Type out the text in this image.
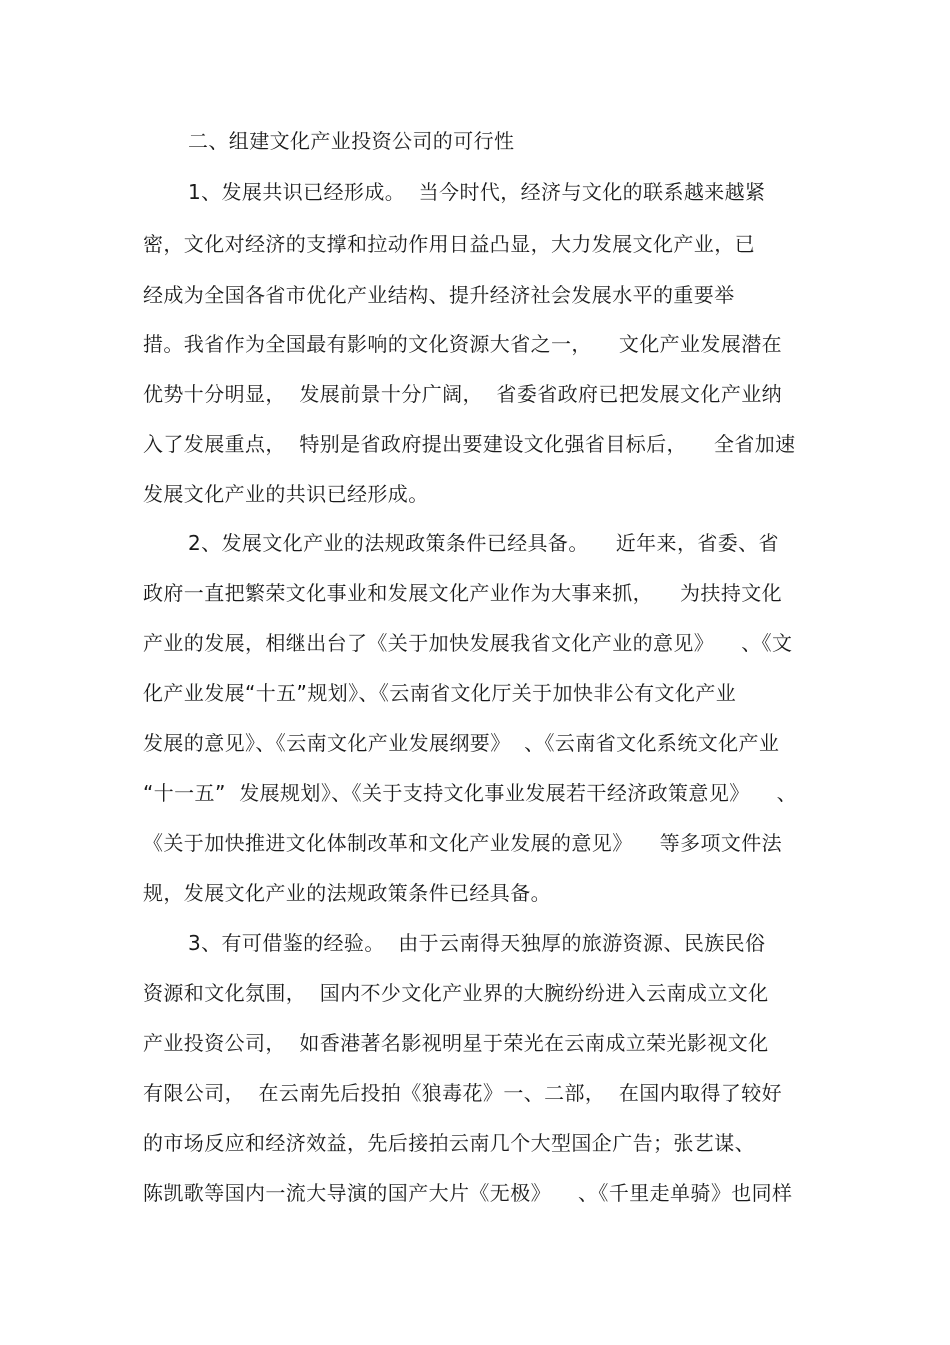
二、组建文化产业投资公司的可行性
1、发展共识已经形成。  当今时代，经济与文化的联系越来越紧
密，文化对经济的支撑和拉动作用日益凸显，大力发展文化产业，已
经成为全国各省市优化产业结构、提升经济社会发展水平的重要举
措。我省作为全国最有影响的文化资源大省之一，    文化产业发展潜在
优势十分明显，  发展前景十分广阔，  省委省政府已把发展文化产业纳
入了发展重点，  特别是省政府提出要建设文化强省目标后，    全省加速
发展文化产业的共识已经形成。
2、发展文化产业的法规政策条件已经具备。    近年来，省委、省
政府一直把繁荣文化事业和发展文化产业作为大事来抓，    为扶持文化
产业的发展，相继出台了《关于加快发展我省文化产业的意见》    、《文
化产业发展“十五”规划》、《云南省文化厅关于加快非公有文化产业
发展的意见》、《云南文化产业发展纲要》  、《云南省文化系统文化产业
“十一五”  发展规划》、《关于支持文化事业发展若干经济政策意见》    、
《关于加快推进文化体制改革和文化产业发展的意见》    等多项文件法
规，发展文化产业的法规政策条件已经具备。
3、有可借鉴的经验。  由于云南得天独厚的旅游资源、民族民俗
资源和文化氛围，  国内不少文化产业界的大腕纷纷进入云南成立文化
产业投资公司，  如香港著名影视明星于荣光在云南成立荣光影视文化
有限公司，  在云南先后投拍《狼毒花》一、二部，  在国内取得了较好
的市场反应和经济效益，先后接拍云南几个大型国企广告；张艺谋、
陈凯歌等国内一流大导演的国产大片《无极》    、《千里走单骑》也同样
